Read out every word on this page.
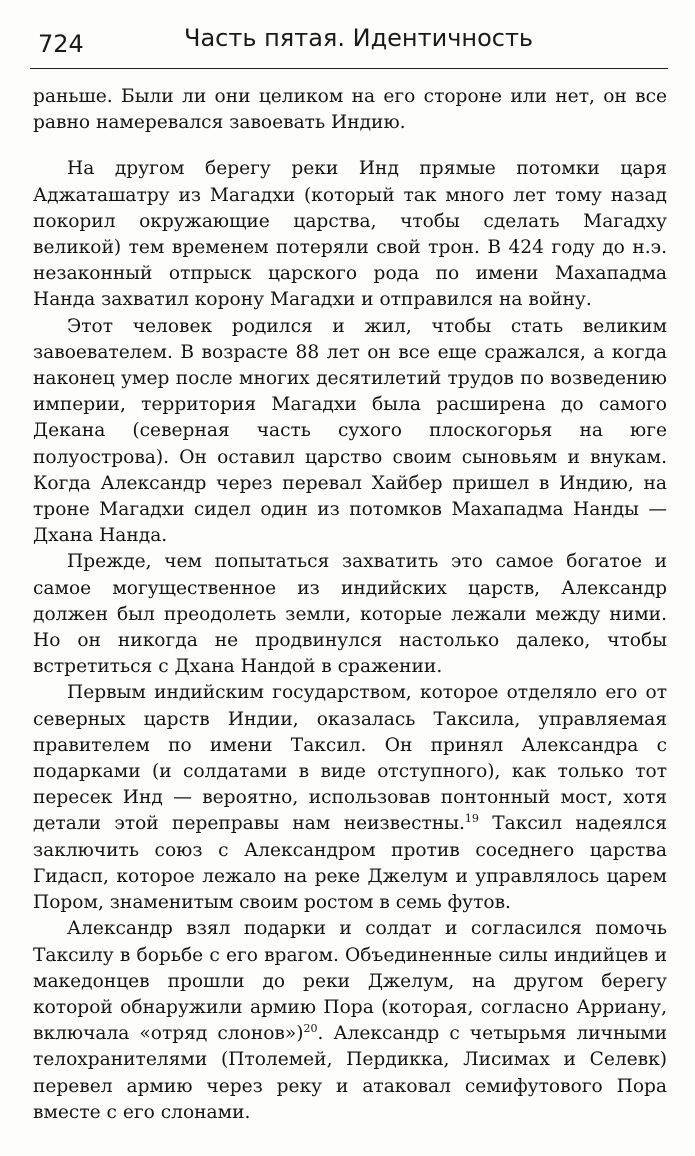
724	Часть пятая. Идентичность

раньше. Были ли они целиком на его стороне или нет, он все равно намеревался завоевать Индию.

На другом берегу реки Инд прямые потомки царя Аджаташатру из Магадхи (который так много лет тому назад покорил окружающие царства, чтобы сделать Магадху великой) тем временем потеряли свой трон. В 424 году до н.э. незаконный отпрыск царского рода по имени Махападма Нанда захватил корону Магадхи и отправился на войну.

Этот человек родился и жил, чтобы стать великим завоевателем. В возрасте 88 лет он все еще сражался, а когда наконец умер после многих десятилетий трудов по возведению империи, территория Магадхи была расширена до самого Декана (северная часть сухого плоскогорья на юге полуострова). Он оставил царство своим сыновьям и внукам. Когда Александр через перевал Хайбер пришел в Индию, на троне Магадхи сидел один из потомков Махападма Нанды — Дхана Нанда.

Прежде, чем попытаться захватить это самое богатое и самое могущественное из индийских царств, Александр должен был преодолеть земли, которые лежали между ними. Но он никогда не продвинулся настолько далеко, чтобы встретиться с Дхана Нандой в сражении.

Первым индийским государством, которое отделяло его от северных царств Индии, оказалась Таксила, управляемая правителем по имени Таксил. Он принял Александра с подарками (и солдатами в виде отступного), как только тот пересек Инд — вероятно, использовав понтонный мост, хотя детали этой переправы нам неизвестны.$^{19}$ Таксил надеялся заключить союз с Александром против соседнего царства Гидасп, которое лежало на реке Джелум и управлялось царем Пором, знаменитым своим ростом в семь футов.

Александр взял подарки и солдат и согласился помочь Таксилу в борьбе с его врагом. Объединенные силы индийцев и македонцев прошли до реки Джелум, на другом берегу которой обнаружили армию Пора (которая, согласно Арриану, включала «отряд слонов»)$^{20}$. Александр с четырьмя личными телохранителями (Птолемей, Пердикка, Лисимах и Селевк) перевел армию через реку и атаковал семифутового Пора вместе с его слонами.
